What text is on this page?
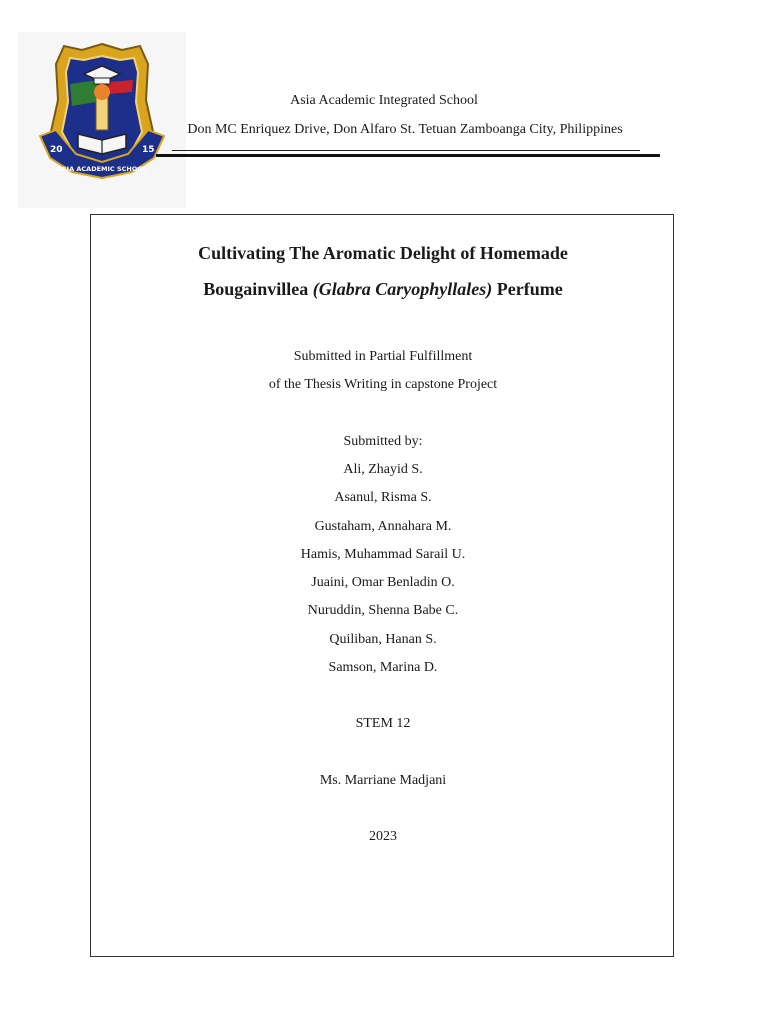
20	15
ASIA ACADEMIC SCHOOL
Asia Academic Integrated School
Don MC Enriquez Drive, Don Alfaro St. Tetuan Zamboanga City, Philippines
Cultivating The Aromatic Delight of Homemade
Bougainvillea (Glabra Caryophyllales) Perfume
Submitted in Partial Fulfillment
of the Thesis Writing in capstone Project
Submitted by:
Ali, Zhayid S.
Asanul, Risma S.
Gustaham, Annahara M.
Hamis, Muhammad Sarail U.
Juaini, Omar Benladin O.
Nuruddin, Shenna Babe C.
Quiliban, Hanan S.
Samson, Marina D.
STEM 12
Ms. Marriane Madjani
2023
